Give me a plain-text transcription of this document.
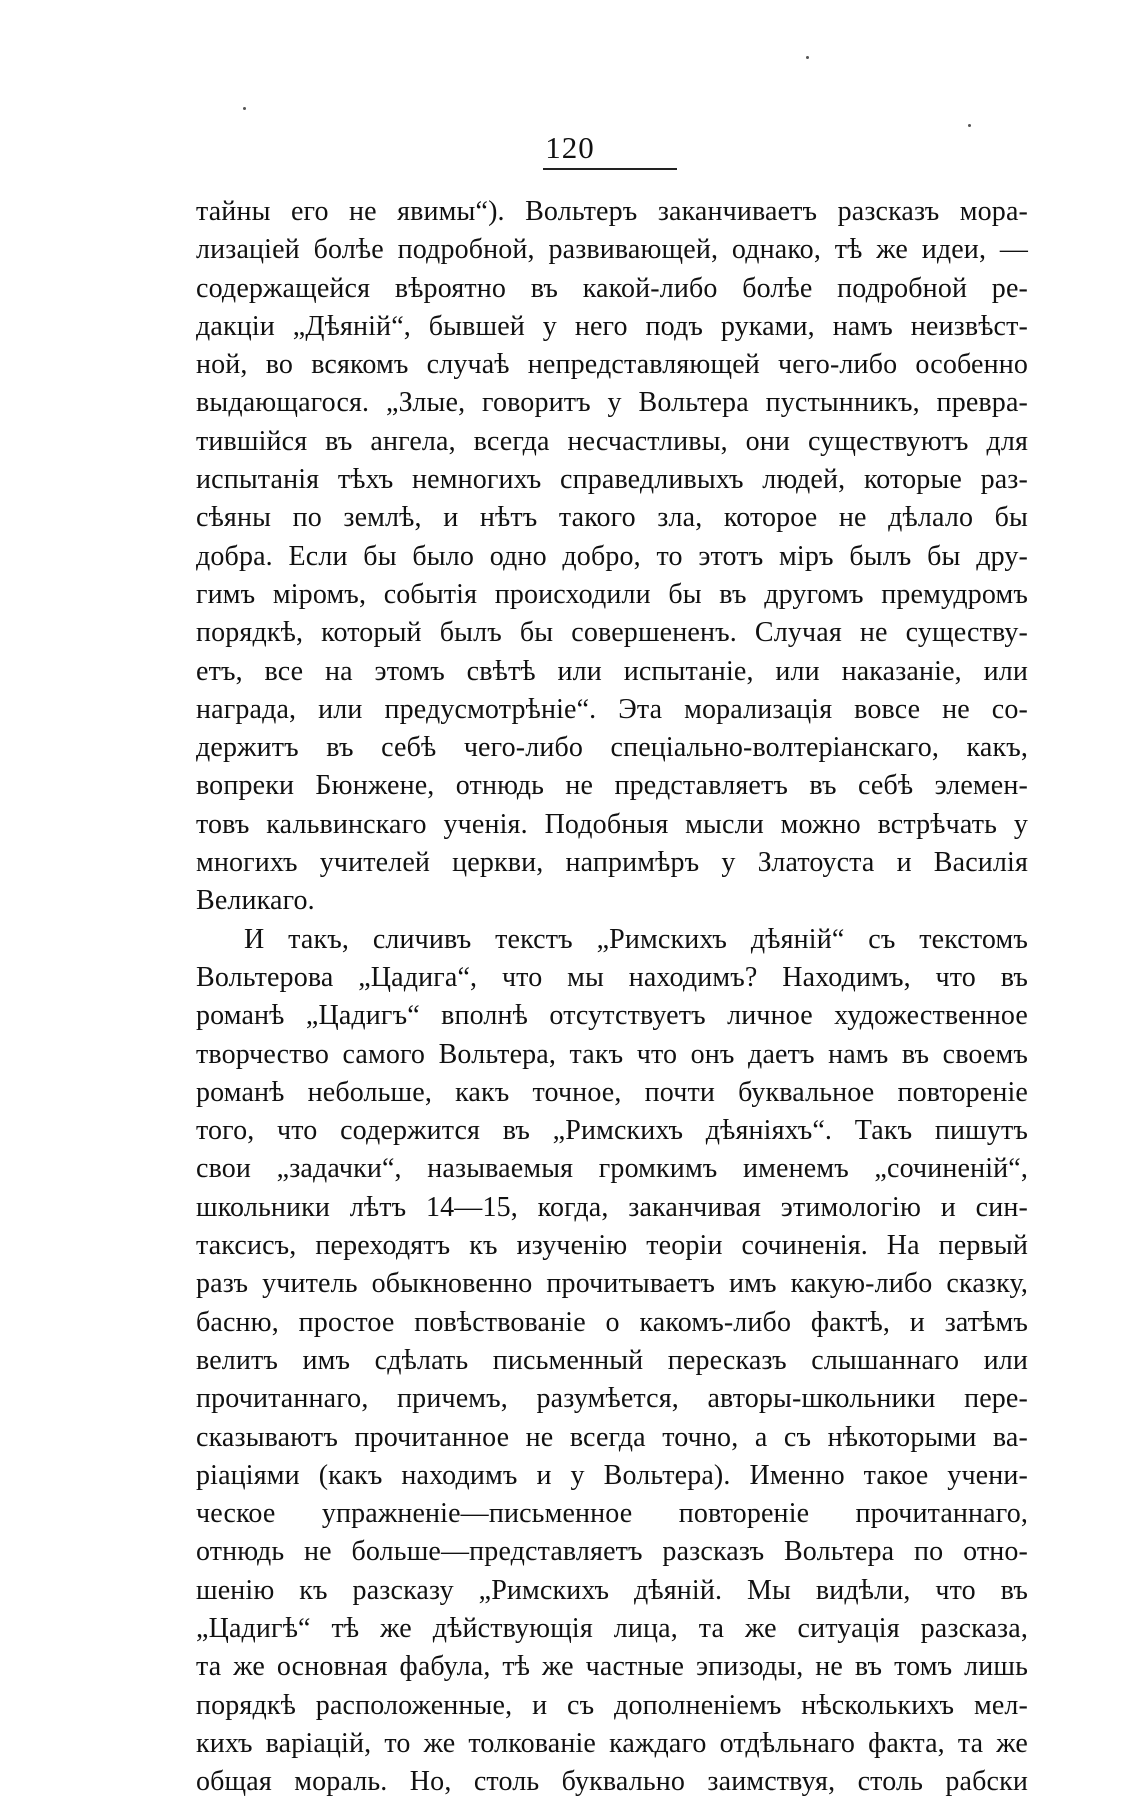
120
тайны его не явимы“). Вольтеръ заканчиваетъ разсказъ мора-
лизаціей болѣе подробной, развивающей, однако, тѣ же идеи, —
содержащейся вѣроятно въ какой-либо болѣе подробной ре-
дакціи „Дѣяній“, бывшей у него подъ руками, намъ неизвѣст-
ной, во всякомъ случаѣ непредставляющей чего-либо особенно
выдающагося. „Злые, говоритъ у Вольтера пустынникъ, превра-
тившійся въ ангела, всегда несчастливы, они существуютъ для
испытанія тѣхъ немногихъ справедливыхъ людей, которые раз-
сѣяны по землѣ, и нѣтъ такого зла, которое не дѣлало бы
добра. Если бы было одно добро, то этотъ міръ былъ бы дру-
гимъ міромъ, событія происходили бы въ другомъ премудромъ
порядкѣ, который былъ бы совершененъ. Случая не существу-
етъ, все на этомъ свѣтѣ или испытаніе, или наказаніе, или
награда, или предусмотрѣніе“. Эта морализація вовсе не со-
держитъ въ себѣ чего-либо спеціально-волтеріанскаго, какъ,
вопреки Бюнжене, отнюдь не представляетъ въ себѣ элемен-
товъ кальвинскаго ученія. Подобныя мысли можно встрѣчать у
многихъ учителей церкви, напримѣръ у Златоуста и Василія
Великаго.
И такъ, сличивъ текстъ „Римскихъ дѣяній“ съ текстомъ
Вольтерова „Цадига“, что мы находимъ? Находимъ, что въ
романѣ „Цадигъ“ вполнѣ отсутствуетъ личное художественное
творчество самого Вольтера, такъ что онъ даетъ намъ въ своемъ
романѣ небольше, какъ точное, почти буквальное повтореніе
того, что содержится въ „Римскихъ дѣяніяхъ“. Такъ пишутъ
свои „задачки“, называемыя громкимъ именемъ „сочиненій“,
школьники лѣтъ 14—15, когда, заканчивая этимологію и син-
таксисъ, переходятъ къ изученію теоріи сочиненія. На первый
разъ учитель обыкновенно прочитываетъ имъ какую-либо сказку,
басню, простое повѣствованіе о какомъ-либо фактѣ, и затѣмъ
велитъ имъ сдѣлать письменный пересказъ слышаннаго или
прочитаннаго, причемъ, разумѣется, авторы-школьники пере-
сказываютъ прочитанное не всегда точно, а съ нѣкоторыми ва-
ріаціями (какъ находимъ и у Вольтера). Именно такое учени-
ческое упражненіе—письменное повтореніе прочитаннаго,
отнюдь не больше—представляетъ разсказъ Вольтера по отно-
шенію къ разсказу „Римскихъ дѣяній. Мы видѣли, что въ
„Цадигѣ“ тѣ же дѣйствующія лица, та же ситуація разсказа,
та же основная фабула, тѣ же частные эпизоды, не въ томъ лишь
порядкѣ расположенные, и съ дополненіемъ нѣсколькихъ мел-
кихъ варіацій, то же толкованіе каждаго отдѣльнаго факта, та же
общая мораль. Но, столь буквально заимствуя, столь рабски
